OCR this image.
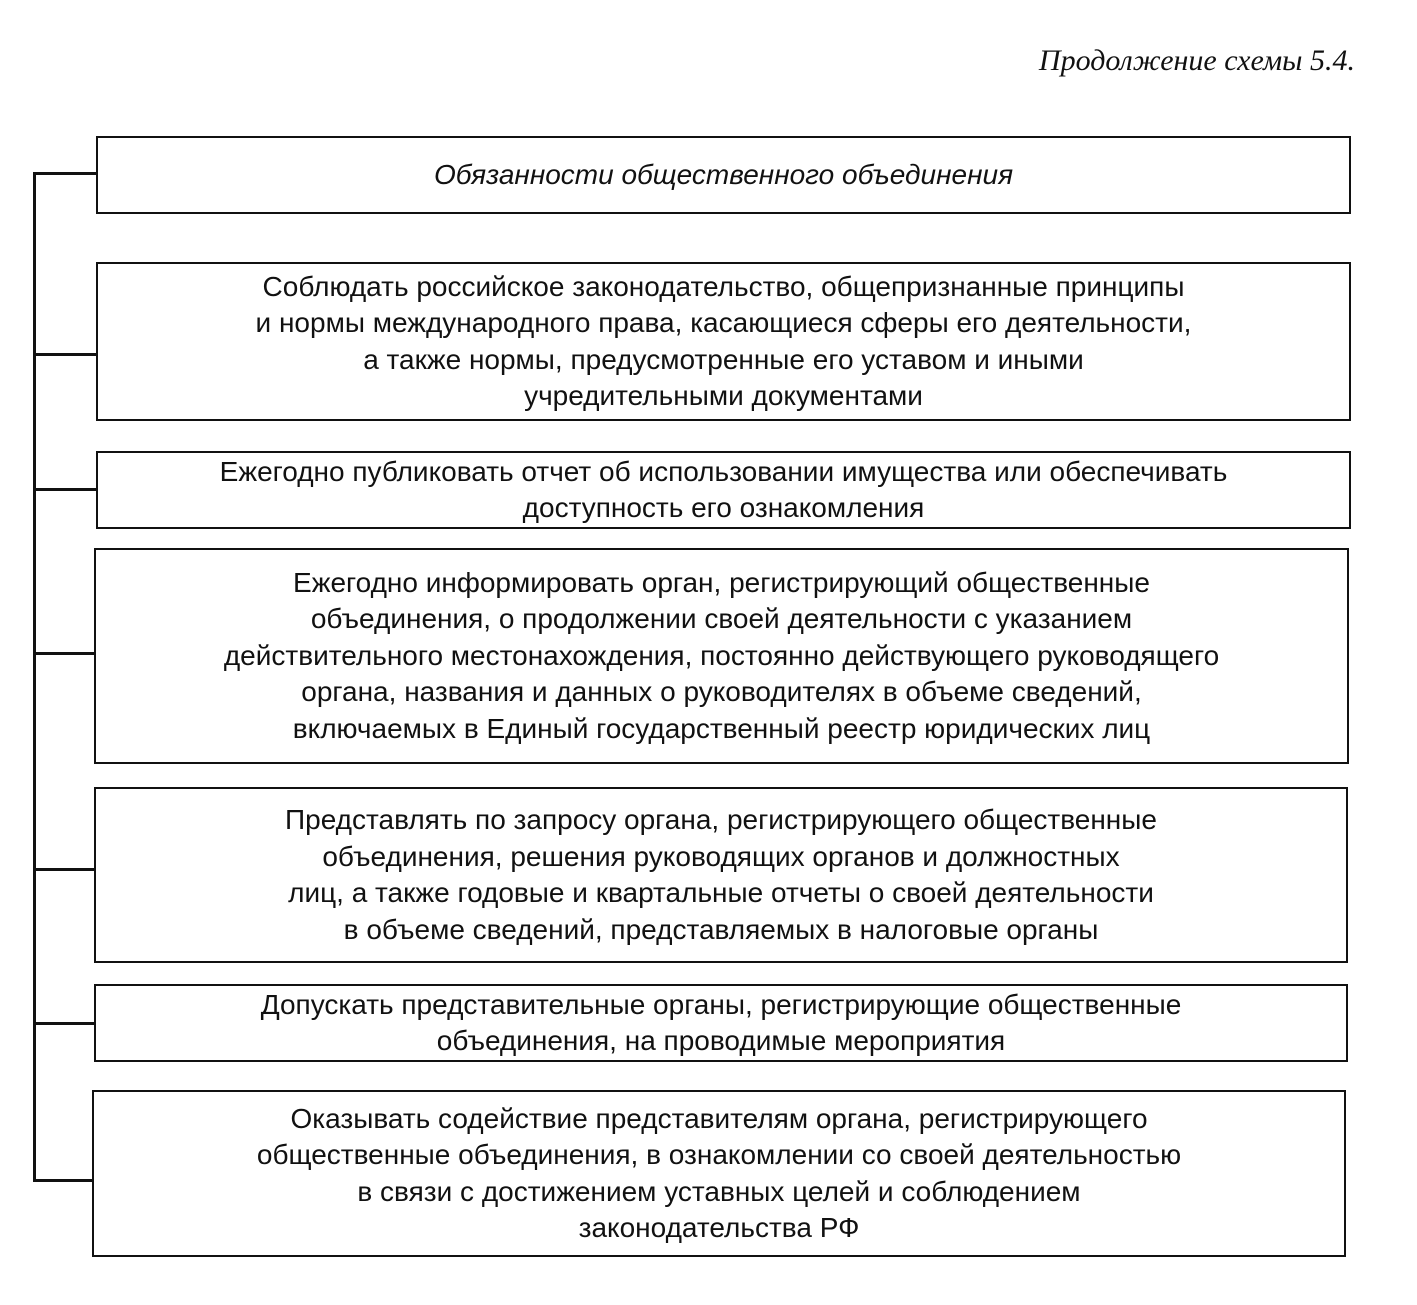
Продолжение схемы 5.4.
Обязанности общественного объединения
Соблюдать российское законодательство, общепризнанные принципы
и нормы международного права, касающиеся сферы его деятельности,
а также нормы, предусмотренные его уставом и иными
учредительными документами
Ежегодно публиковать отчет об использовании имущества или обеспечивать
доступность его ознакомления
Ежегодно информировать орган, регистрирующий общественные
объединения, о продолжении своей деятельности с указанием
действительного местонахождения, постоянно действующего руководящего
органа, названия и данных о руководителях в объеме сведений,
включаемых в Единый государственный реестр юридических лиц
Представлять по запросу органа, регистрирующего общественные
объединения, решения руководящих органов и должностных
лиц, а также годовые и квартальные отчеты о своей деятельности
в объеме сведений, представляемых в налоговые органы
Допускать представительные органы, регистрирующие общественные
объединения, на проводимые мероприятия
Оказывать содействие представителям органа, регистрирующего
общественные объединения, в ознакомлении со своей деятельностью
в связи с достижением уставных целей и соблюдением
законодательства РФ
